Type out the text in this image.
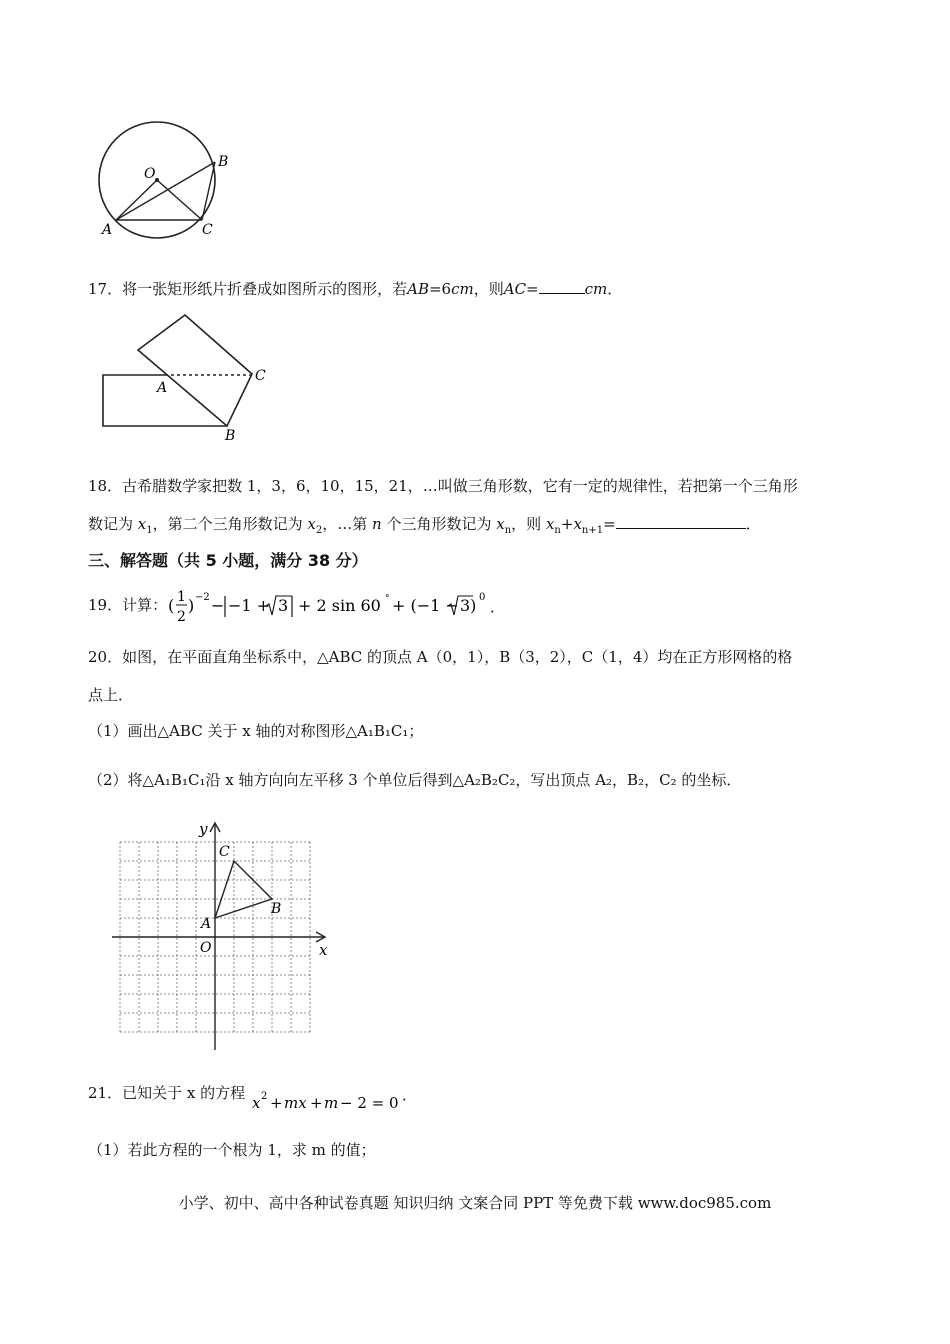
O
B
A	C
17．将一张矩形纸片折叠成如图所示的图形，若AB=6cm，则AC=	cm．
A
C
B
18．古希腊数学家把数 1，3，6，10，15，21，…叫做三角形数，它有一定的规律性，若把第一个三角形
数记为 $x_1$，第二个三角形数记为 $x_2$，…第 n 个三角形数记为 $x_n$，则 $x_n+x_{n+1}=$	．
三、解答题（共 5 小题，满分 38 分）
19．计算： ( 1
2
) −2 − −1 + 3 + 2 sin 60 ° + (−1 − 3) 0
．
20．如图，在平面直角坐标系中，△ABC 的顶点 A（0，1），B（3，2），C（1，4）均在正方形网格的格
点上．
（1）画出△ABC 关于 x 轴的对称图形△A₁B₁C₁；
（2）将△A₁B₁C₁沿 x 轴方向向左平移 3 个单位后得到△A₂B₂C₂，写出顶点 A₂，B₂，C₂ 的坐标．
y
x
O
A
B
C
21．已知关于 x 的方程
x 2 + mx + m − 2 = 0 ．
（1）若此方程的一个根为 1，求 m 的值；
小学、初中、高中各种试卷真题 知识归纳 文案合同 PPT 等免费下载 www.doc985.com
